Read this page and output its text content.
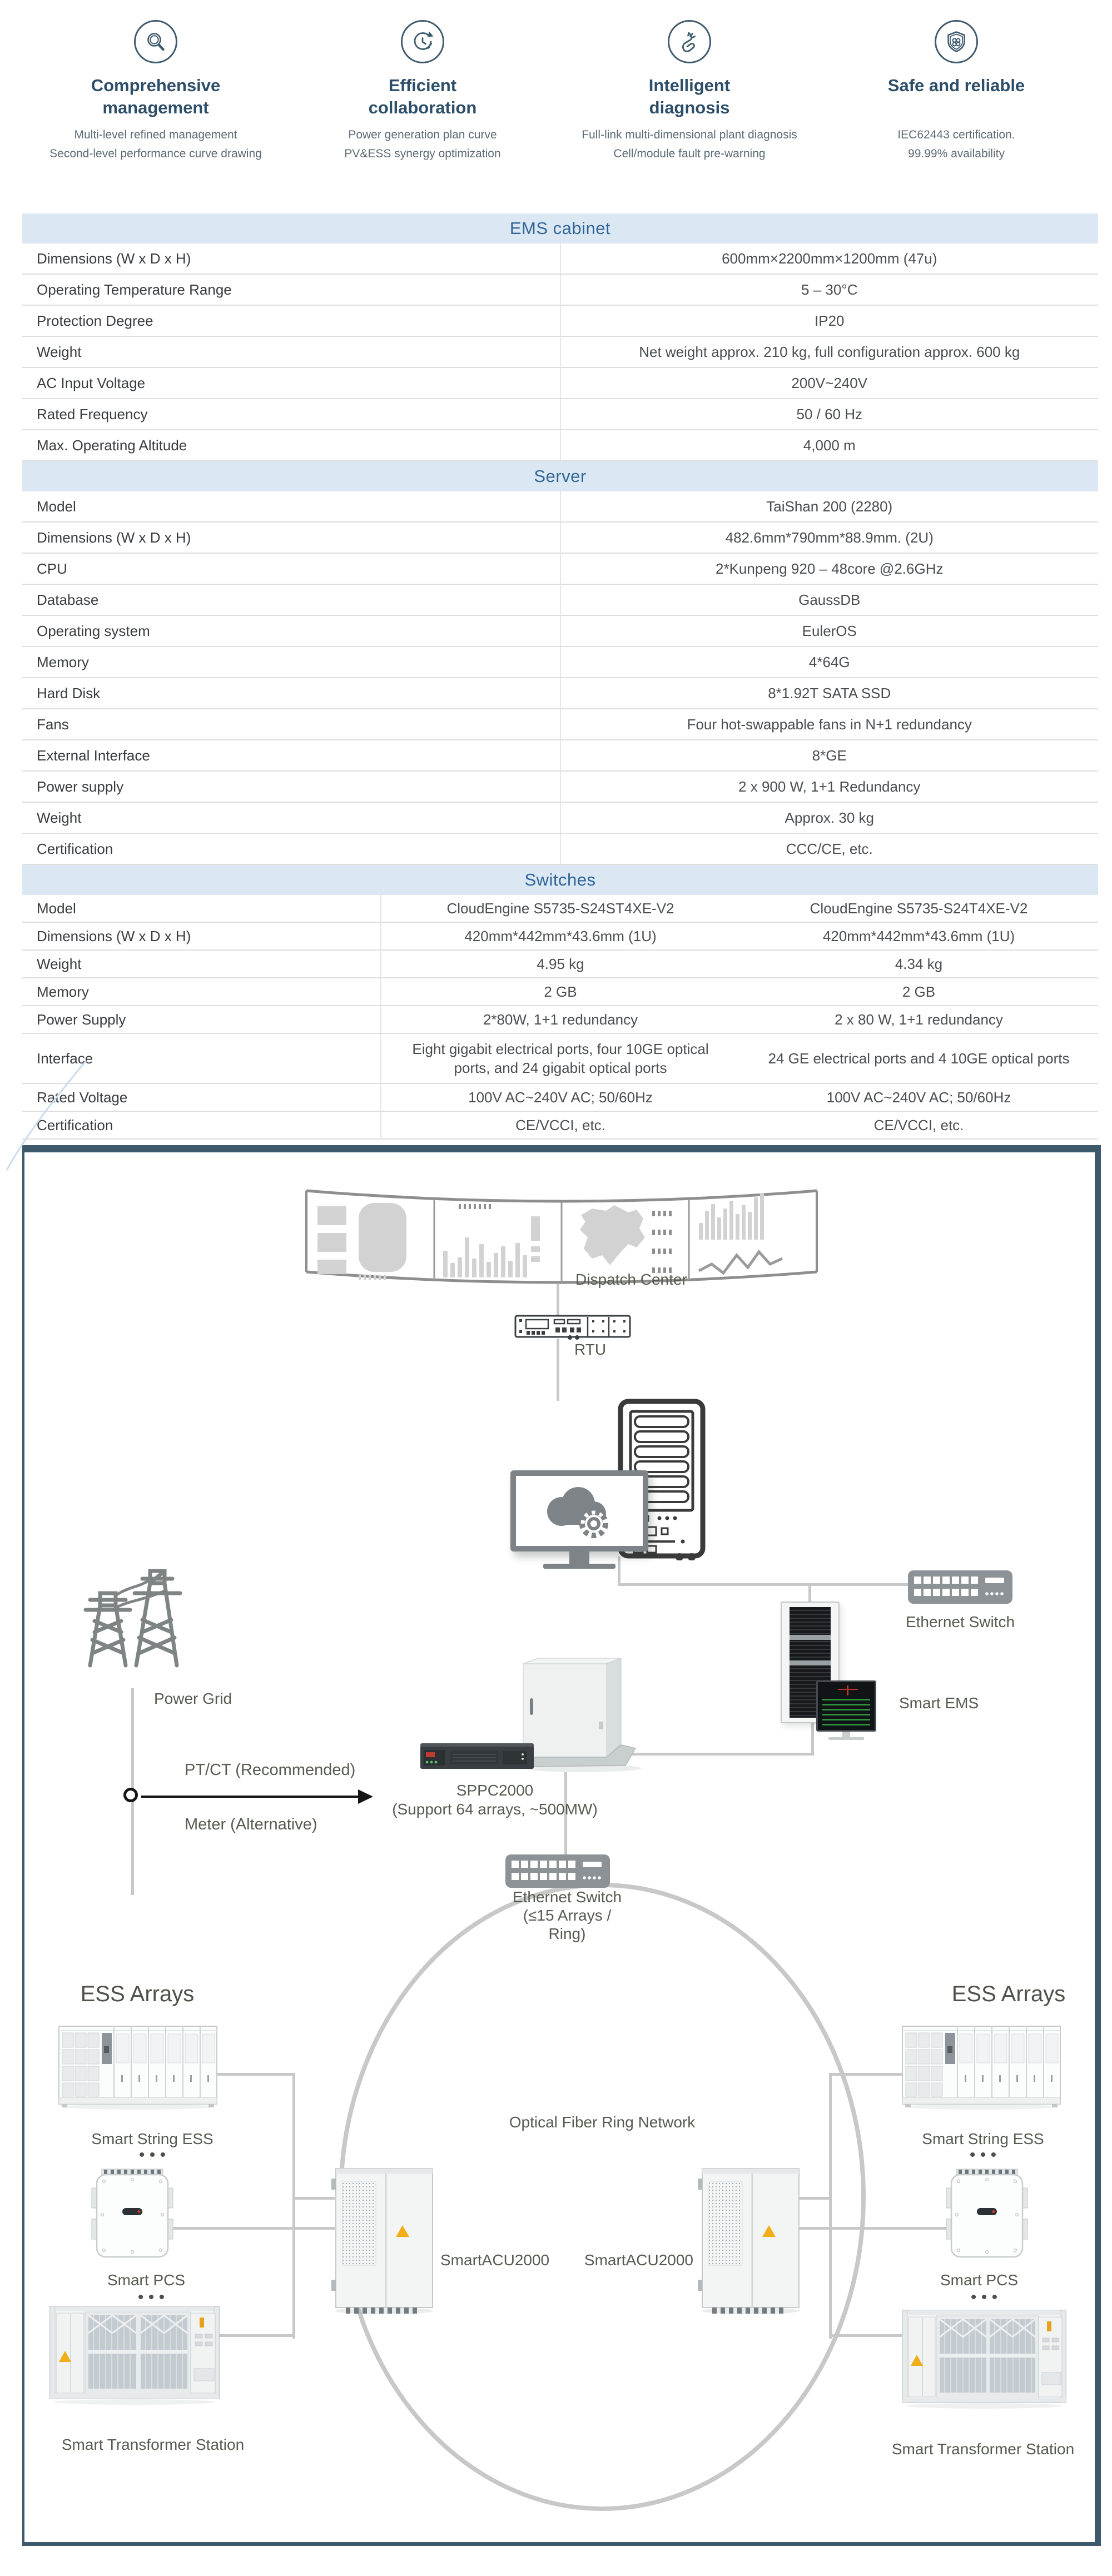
Comprehensive
management
Multi-level refined management
Second-level performance curve drawing
Efficient
collaboration
Power generation plan curve
PV&ESS synergy optimization
Intelligent
diagnosis
Full-link multi-dimensional plant diagnosis
Cell/module fault pre-warning
Safe and reliable
IEC62443 certification.
99.99% availability
EMS cabinet	
Dimensions (W x D x H)	600mm×2200mm×1200mm (47u)
Operating Temperature Range	5 – 30°C
Protection Degree	IP20
Weight	Net weight approx. 210 kg, full configuration approx. 600 kg
AC Input Voltage	200V~240V
Rated Frequency	50 / 60 Hz
Max. Operating Altitude	4,000 m
Server	
Model	TaiShan 200 (2280)
Dimensions (W x D x H)	482.6mm*790mm*88.9mm. (2U)
CPU	2*Kunpeng 920 – 48core @2.6GHz
Database	GaussDB
Operating system	EulerOS
Memory	4*64G
Hard Disk	8*1.92T SATA SSD
Fans	Four hot-swappable fans in N+1 redundancy
External Interface	8*GE
Power supply	2 x 900 W, 1+1 Redundancy
Weight	Approx. 30 kg
Certification	CCC/CE, etc.
Switches		
Model	CloudEngine S5735-S24ST4XE-V2	CloudEngine S5735-S24T4XE-V2
Dimensions (W x D x H)	420mm*442mm*43.6mm (1U)	420mm*442mm*43.6mm (1U)
Weight	4.95 kg	4.34 kg
Memory	2 GB	2 GB
Power Supply	2*80W, 1+1 redundancy	2 x 80 W, 1+1 redundancy
Interface	Eight gigabit electrical ports, four 10GE optical ports, and 24 gigabit optical ports	24 GE electrical ports and 4 10GE optical ports
Rated Voltage	100V AC~240V AC; 50/60Hz	100V AC~240V AC; 50/60Hz
Certification	CE/VCCI, etc.	CE/VCCI, etc.
Dispatch Center
RTU
Power Grid
PT/CT (Recommended)
Meter (Alternative)
Ethernet Switch
Smart EMS
SPPC2000
(Support 64 arrays, ~500MW)
Ethernet Switch
(≤15 Arrays /
Ring)
Optical Fiber Ring Network
SmartACU2000 SmartACU2000
ESS Arrays	ESS Arrays
Smart String ESS	Smart String ESS
• • •	• • •
Smart PCS	Smart PCS
• • •	• • •
Smart Transformer Station	Smart Transformer Station
